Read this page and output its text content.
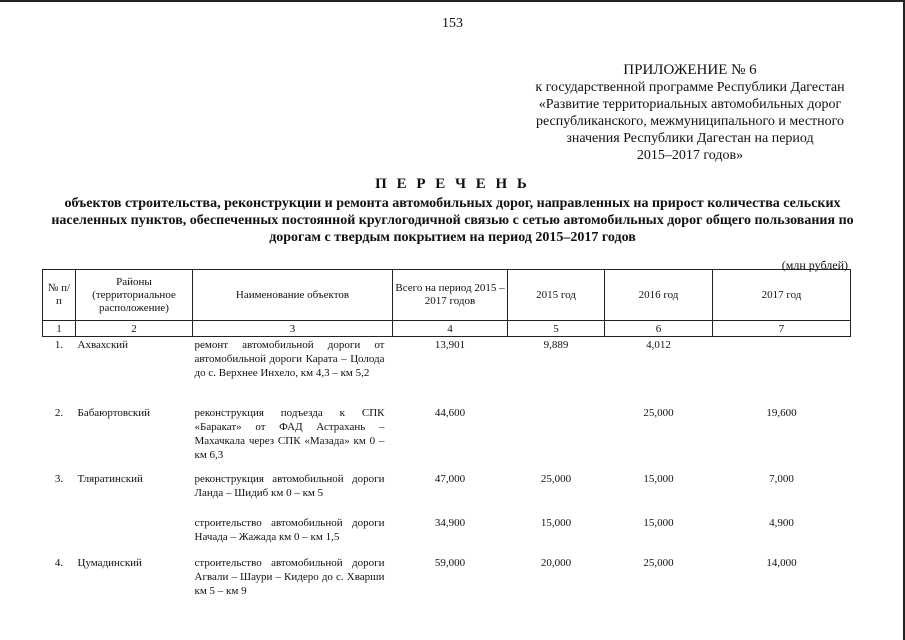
153
ПРИЛОЖЕНИЕ № 6
к государственной программе Республики Дагестан
«Развитие территориальных автомобильных дорог
республиканского, межмуниципального и местного
значения Республики Дагестан на период
2015–2017 годов»
П Е Р Е Ч Е Н Ь
объектов строительства, реконструкции и ремонта автомобильных дорог, направленных на прирост количества сельских населенных пунктов, обеспеченных постоянной круглогодичной связью с сетью автомобильных дорог общего пользования по дорогам с твердым покрытием на период 2015–2017 годов
(млн рублей)
№ п/п	Районы (территориальное расположение)	Наименование объектов	Всего на период 2015 – 2017 годов	2015 год	2016 год	2017 год
1	2	3	4	5	6	7
1.	Ахвахский	ремонт автомобильной дороги от автомобильной дороги Карата – Цолода до с. Верхнее Инхело, км 4,3 – км 5,2	13,901	9,889	4,012	
2.	Бабаюртовский	реконструкция подъезда к СПК «Баракат» от ФАД Астрахань – Махачкала через СПК «Мазада» км 0 – км 6,3	44,600		25,000	19,600
3.	Тляратинский	реконструкция автомобильной дороги Ланда – Шидиб км 0 – км 5	47,000	25,000	15,000	7,000
		строительство автомобильной дороги Начада – Жажада км 0 – км 1,5	34,900	15,000	15,000	4,900
4.	Цумадинский	строительство автомобильной дороги Агвали – Шаури – Кидеро до с. Хварши км 5 – км 9	59,000	20,000	25,000	14,000
